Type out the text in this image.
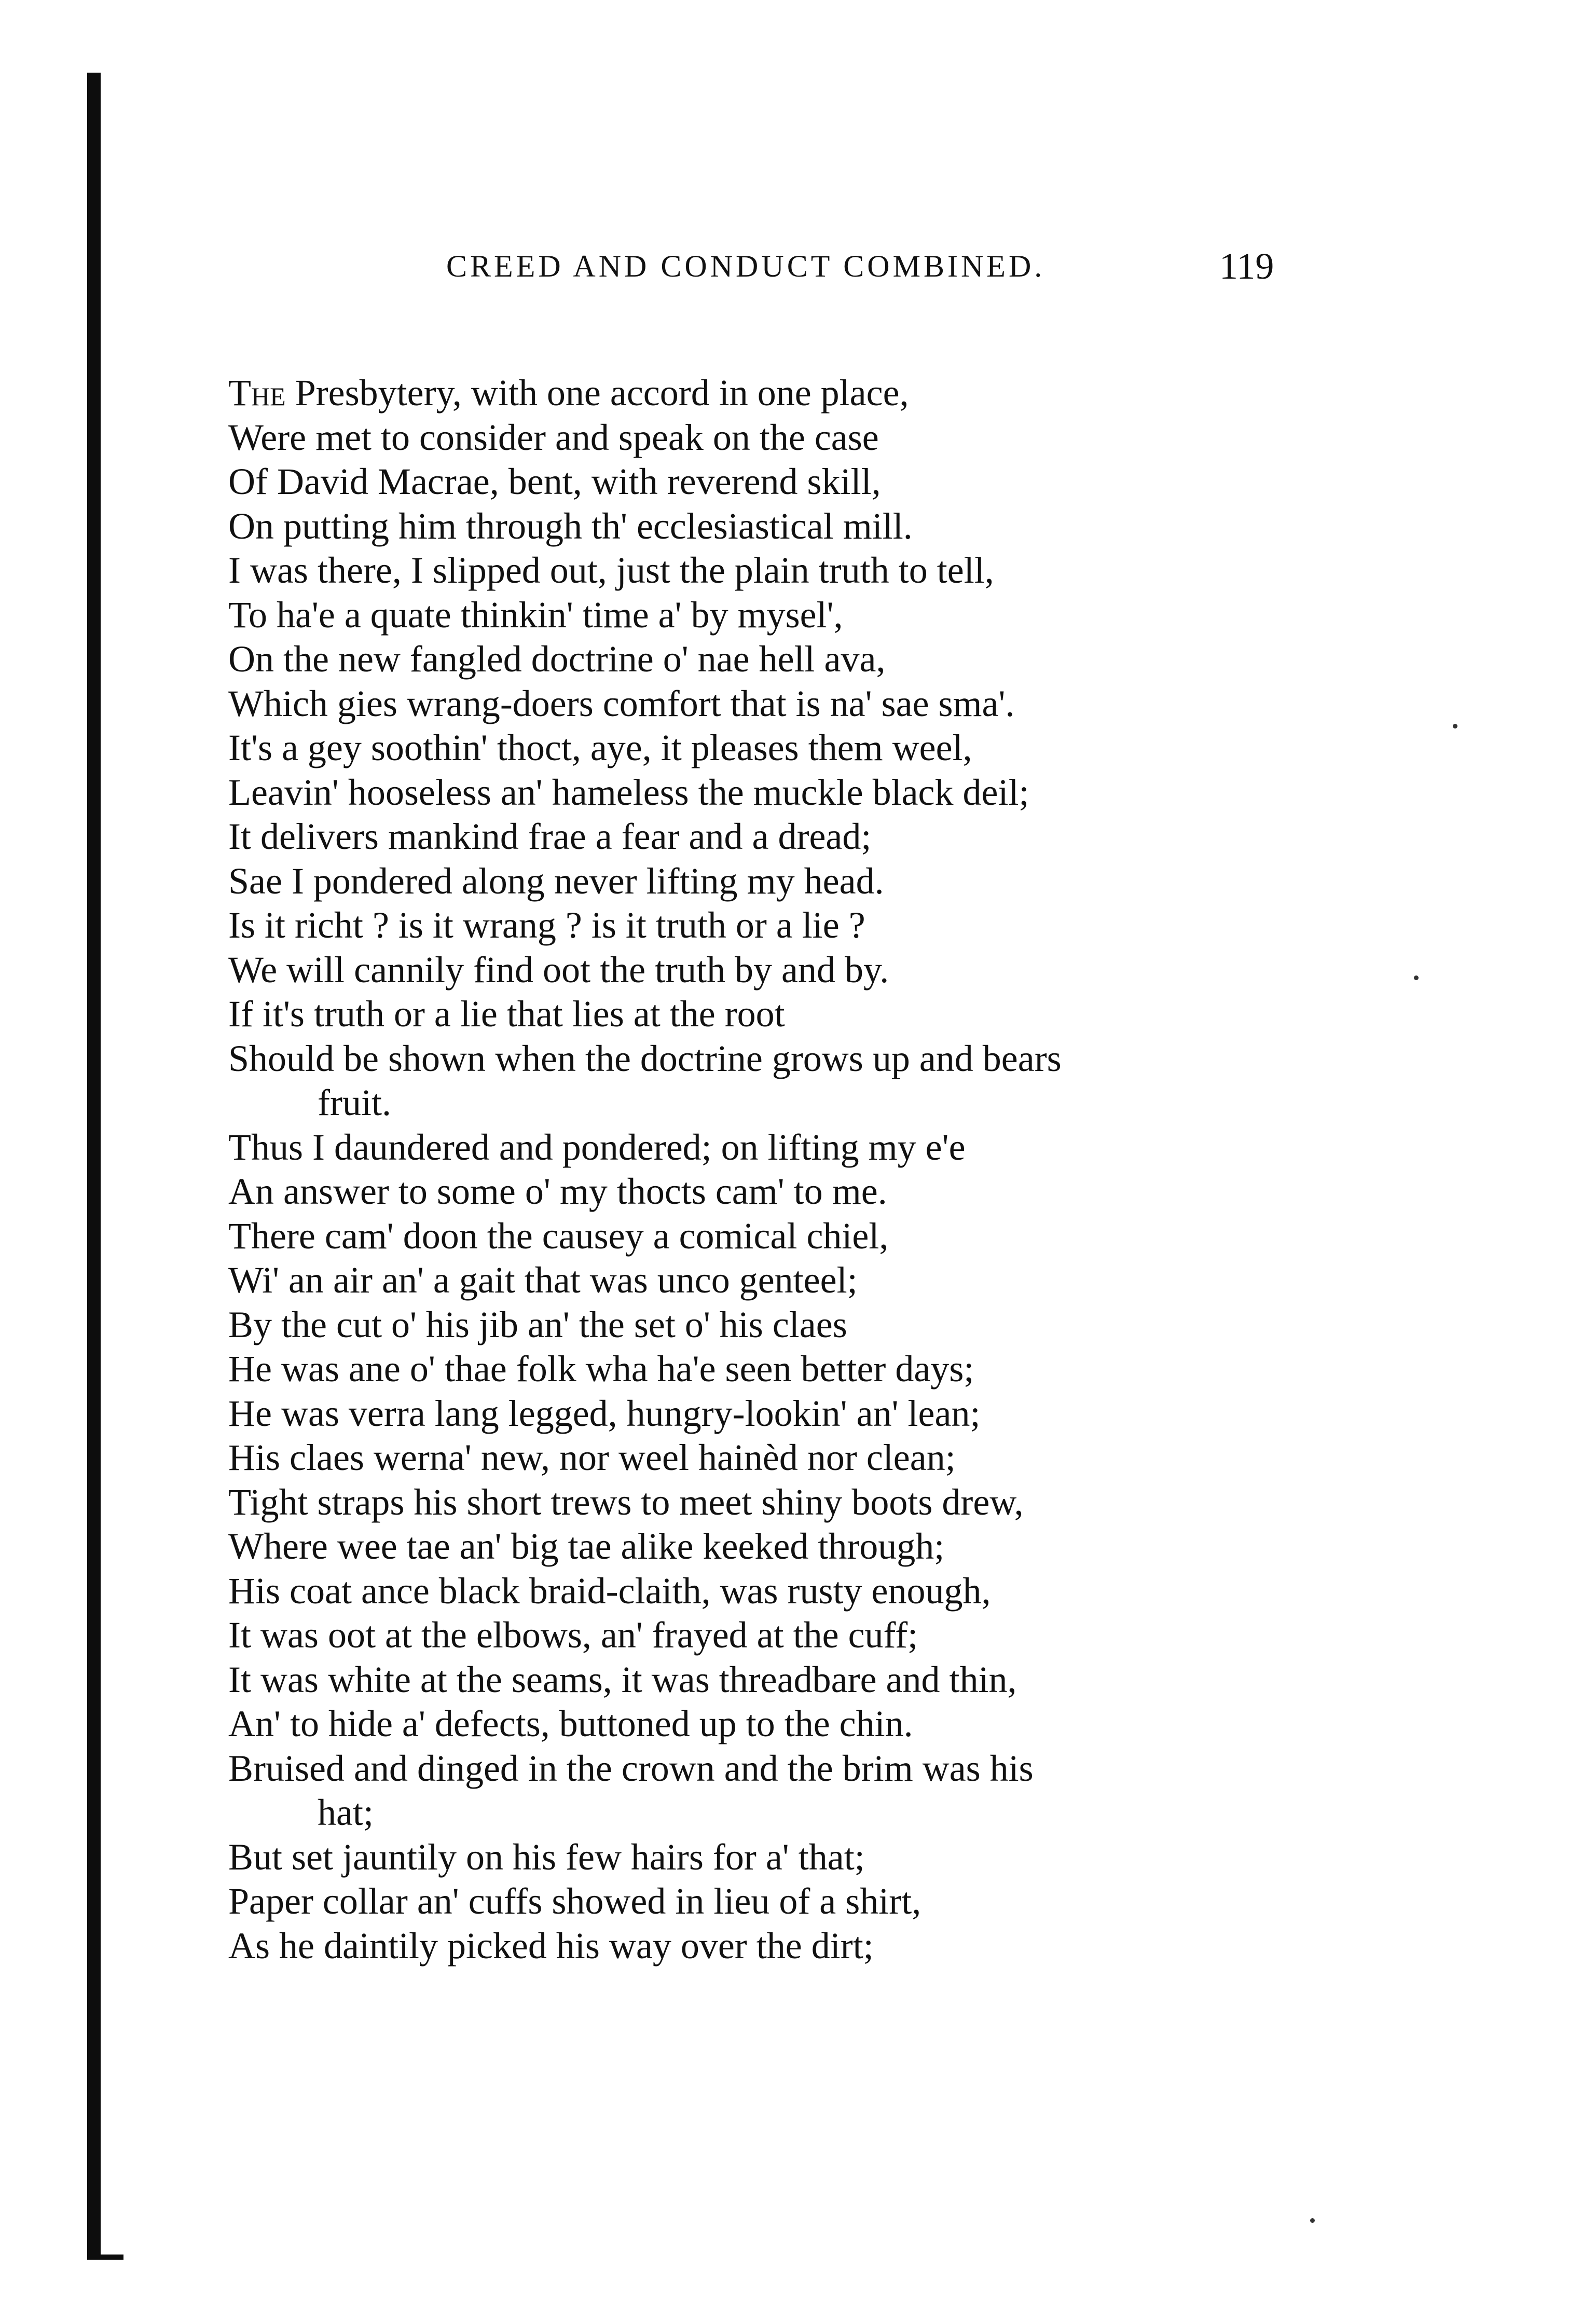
CREED AND CONDUCT COMBINED.	119
The Presbytery, with one accord in one place,
Were met to consider and speak on the case
Of David Macrae, bent, with reverend skill,
On putting him through th' ecclesiastical mill.
I was there, I slipped out, just the plain truth to tell,
To ha'e a quate thinkin' time a' by mysel',
On the new fangled doctrine o' nae hell ava,
Which gies wrang-doers comfort that is na' sae sma'.
It's a gey soothin' thoct, aye, it pleases them weel,
Leavin' hooseless an' hameless the muckle black deil;
It delivers mankind frae a fear and a dread;
Sae I pondered along never lifting my head.
Is it richt ? is it wrang ? is it truth or a lie ?
We will cannily find oot the truth by and by.
If it's truth or a lie that lies at the root
Should be shown when the doctrine grows up and bears
fruit.
Thus I daundered and pondered; on lifting my e'e
An answer to some o' my thocts cam' to me.
There cam' doon the causey a comical chiel,
Wi' an air an' a gait that was unco genteel;
By the cut o' his jib an' the set o' his claes
He was ane o' thae folk wha ha'e seen better days;
He was verra lang legged, hungry-lookin' an' lean;
His claes werna' new, nor weel hainèd nor clean;
Tight straps his short trews to meet shiny boots drew,
Where wee tae an' big tae alike keeked through;
His coat ance black braid-claith, was rusty enough,
It was oot at the elbows, an' frayed at the cuff;
It was white at the seams, it was threadbare and thin,
An' to hide a' defects, buttoned up to the chin.
Bruised and dinged in the crown and the brim was his
hat;
But set jauntily on his few hairs for a' that;
Paper collar an' cuffs showed in lieu of a shirt,
As he daintily picked his way over the dirt;
